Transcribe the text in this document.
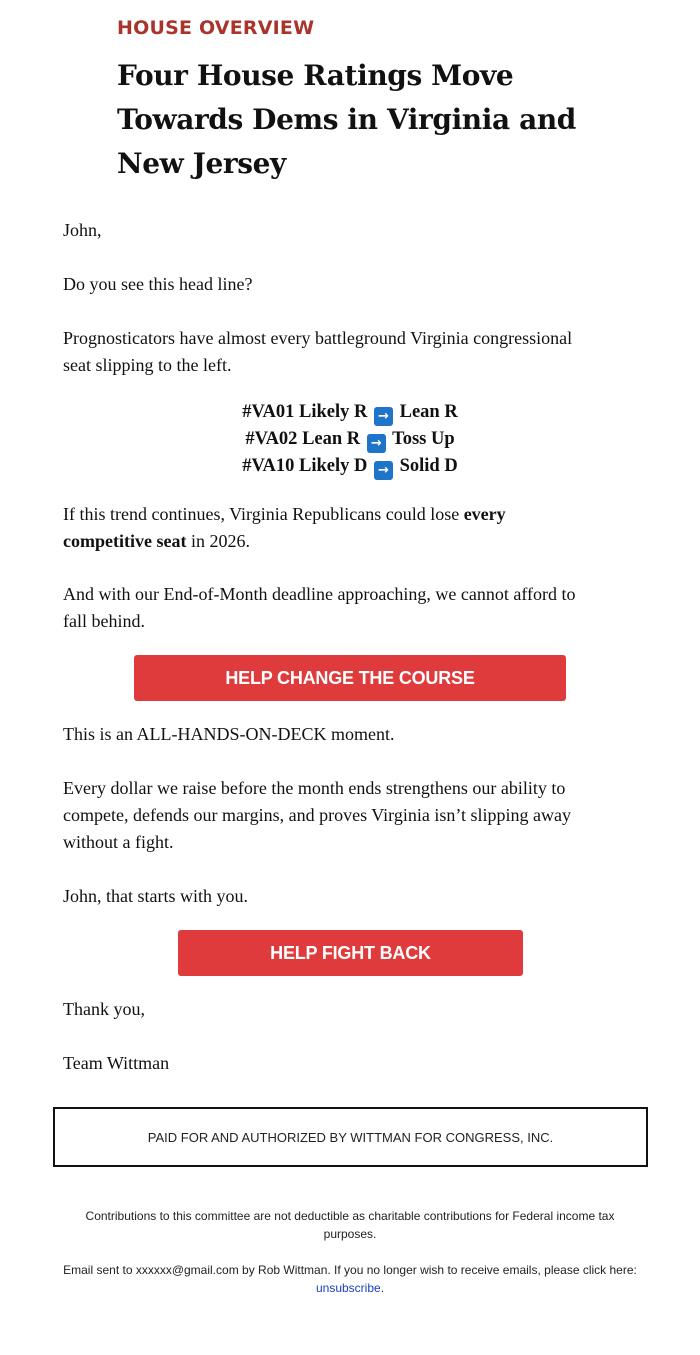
HOUSE OVERVIEW
Four House Ratings Move
Towards Dems in Virginia and
New Jersey
John,
Do you see this head line?
Prognosticators have almost every battleground Virginia congressional
seat slipping to the left.
#VA01 Likely R → Lean R
#VA02 Lean R → Toss Up
#VA10 Likely D → Solid D
If this trend continues, Virginia Republicans could lose every
competitive seat in 2026.
And with our End-of-Month deadline approaching, we cannot afford to
fall behind.
HELP CHANGE THE COURSE
This is an ALL-HANDS-ON-DECK moment.
Every dollar we raise before the month ends strengthens our ability to
compete, defends our margins, and proves Virginia isn’t slipping away
without a fight.
John, that starts with you.
HELP FIGHT BACK
Thank you,
Team Wittman
PAID FOR AND AUTHORIZED BY WITTMAN FOR CONGRESS, INC.
Contributions to this committee are not deductible as charitable contributions for Federal income tax
purposes.
Email sent to xxxxxx@gmail.com by Rob Wittman. If you no longer wish to receive emails, please click here:
unsubscribe.
